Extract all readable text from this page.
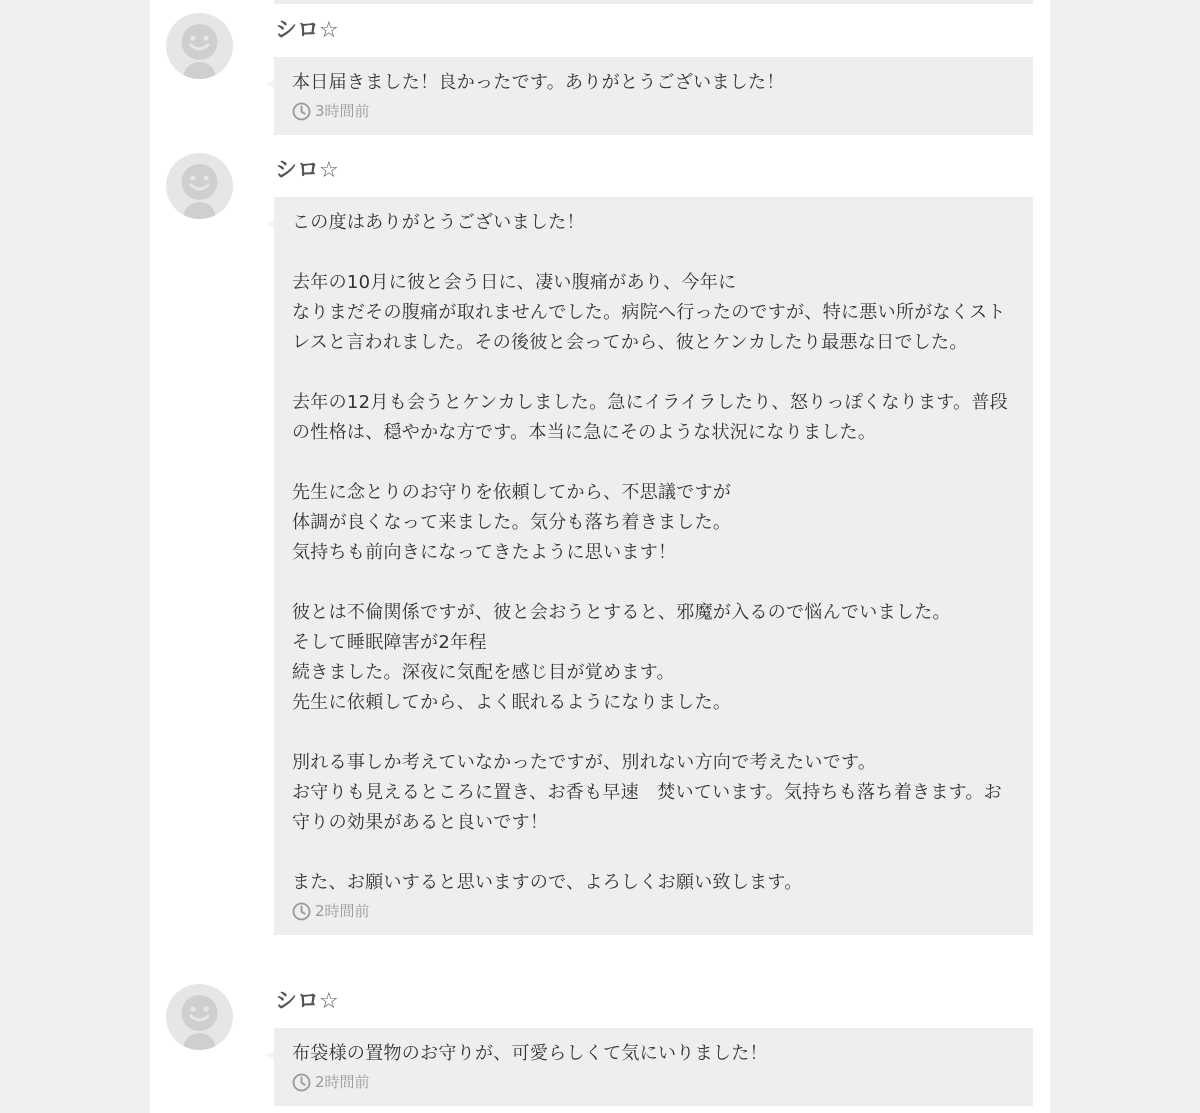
シロ☆

本日届きました！良かったです。ありがとうございました！

3時間前
シロ☆

この度はありがとうございました！

去年の10月に彼と会う日に、凄い腹痛があり、今年に
なりまだその腹痛が取れませんでした。病院へ行ったのですが、特に悪い所がなくストレスと言われました。その後彼と会ってから、彼とケンカしたり最悪な日でした。

去年の12月も会うとケンカしました。急にイライラしたり、怒りっぽくなります。普段の性格は、穏やかな方です。本当に急にそのような状況になりました。

先生に念とりのお守りを依頼してから、不思議ですが
体調が良くなって来ました。気分も落ち着きました。
気持ちも前向きになってきたように思います！

彼とは不倫関係ですが、彼と会おうとすると、邪魔が入るので悩んでいました。
そして睡眠障害が2年程
続きました。深夜に気配を感じ目が覚めます。
先生に依頼してから、よく眠れるようになりました。

別れる事しか考えていなかったですが、別れない方向で考えたいです。
お守りも見えるところに置き、お香も早速　焚いています。気持ちも落ち着きます。お守りの効果があると良いです！

また、お願いすると思いますので、よろしくお願い致します。

2時間前
シロ☆

布袋様の置物のお守りが、可愛らしくて気にいりました！

2時間前
